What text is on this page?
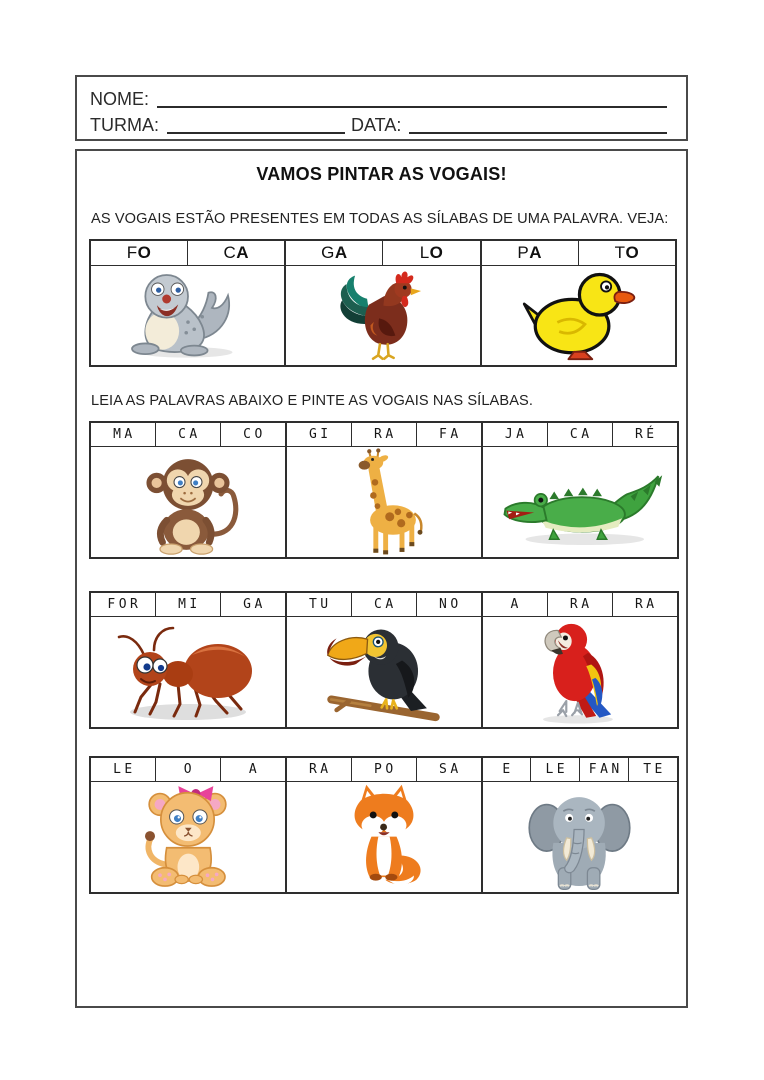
NOME:
TURMA:	DATA:
VAMOS PINTAR AS VOGAIS!
AS VOGAIS ESTÃO PRESENTES EM TODAS AS SÍLABAS DE UMA PALAVRA. VEJA:
FO	CA	GA	LO	PA	TO

LEIA AS PALAVRAS ABAIXO E PINTE AS VOGAIS NAS SÍLABAS.
MA	CA	CO	GI	RA	FA	JA	CA	RÉ

FOR	MI	GA	TU	CA	NO	A	RA	RA

LE	O	A	RA	PO	SA	E	LE	FAN	TE
